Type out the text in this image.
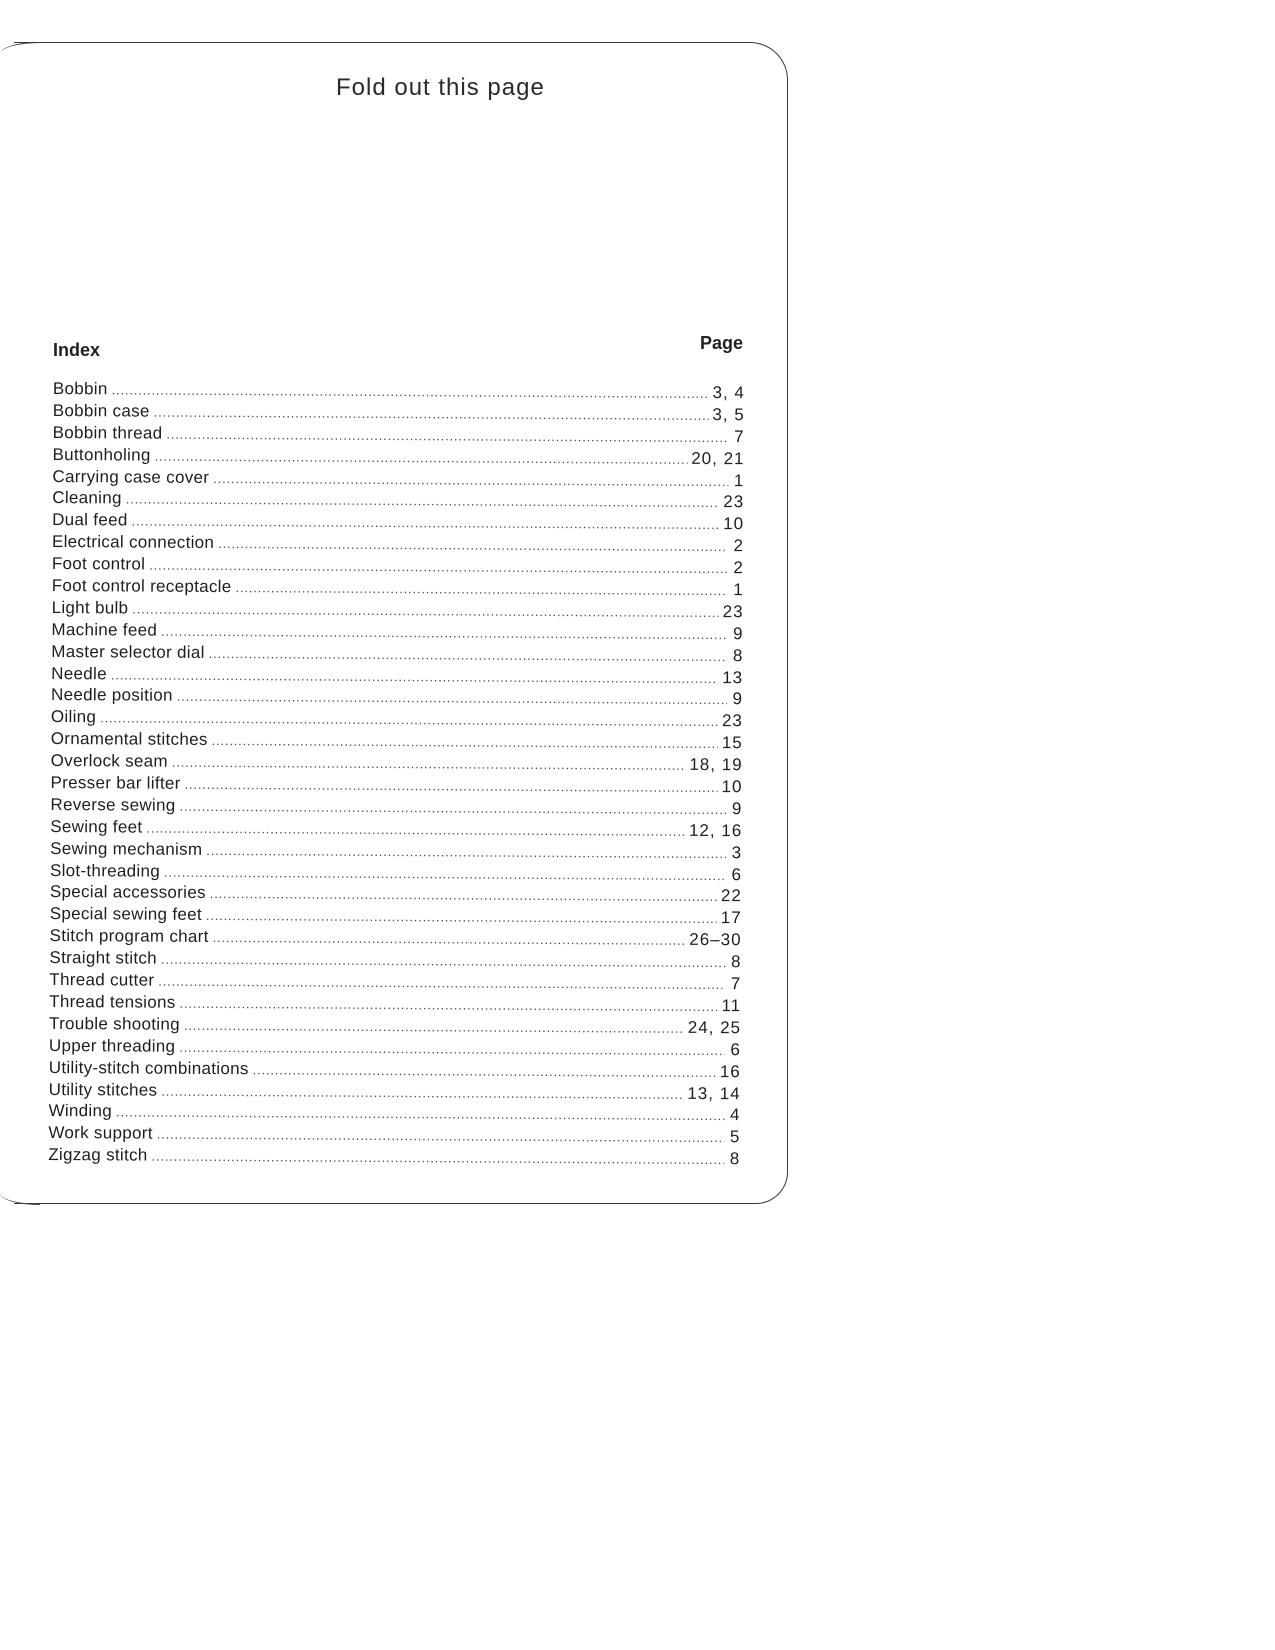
Fold out this page
Index	Page
Bobbin . . .	3, 4
Bobbin case . . .	3, 5
Bobbin thread . . .	7
Buttonholing . . .	20, 21
Carrying case cover . . .	1
Cleaning . . .	23
Dual feed . . .	10
Electrical connection . . .	2
Foot control . . .	2
Foot control receptacle . . .	1
Light bulb . . .	23
Machine feed . . .	9
Master selector dial . . .	8
Needle . . .	13
Needle position . . .	9
Oiling . . .	23
Ornamental stitches . . .	15
Overlock seam . . .	18, 19
Presser bar lifter . . .	10
Reverse sewing . . .	9
Sewing feet . . .	12, 16
Sewing mechanism . . .	3
Slot-threading . . .	6
Special accessories . . .	22
Special sewing feet . . .	17
Stitch program chart . . .	26–30
Straight stitch . . .	8
Thread cutter . . .	7
Thread tensions . . .	11
Trouble shooting . . .	24, 25
Upper threading . . .	6
Utility-stitch combinations . . .	16
Utility stitches . . .	13, 14
Winding . . .	4
Work support . . .	5
Zigzag stitch . . .	8
